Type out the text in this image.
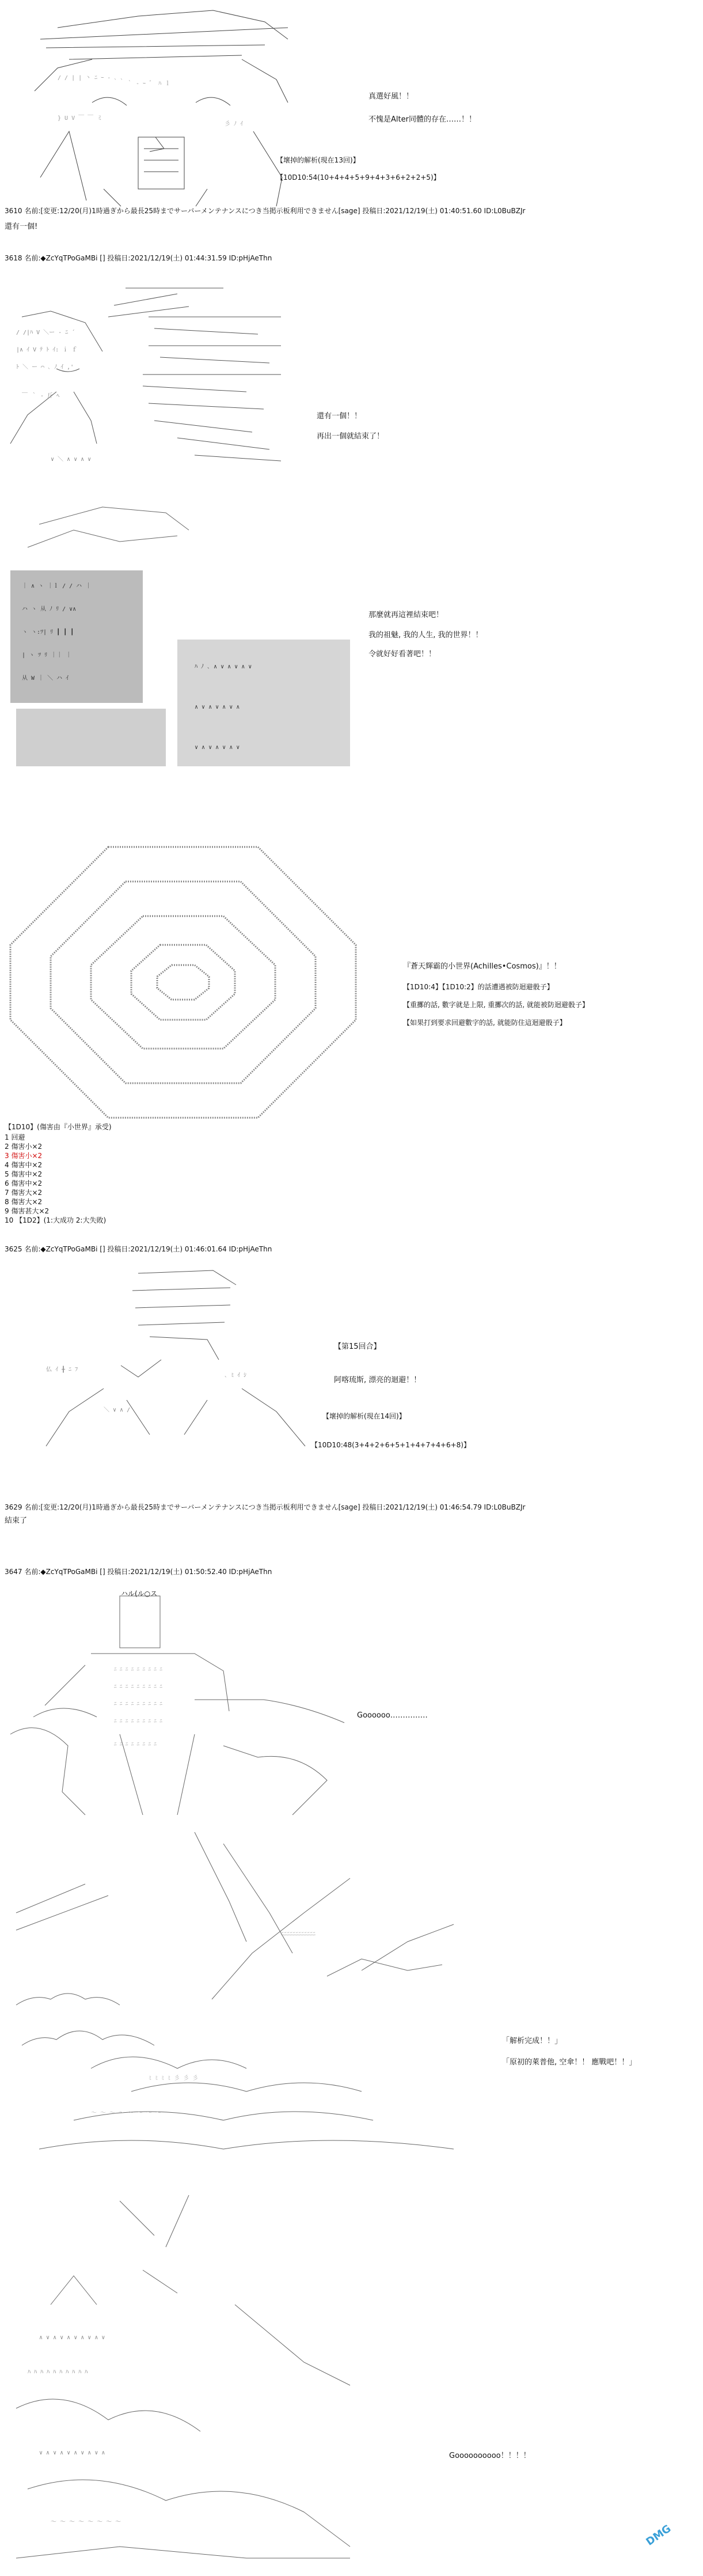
/ / | | 丶 ﾆ ｰ - ､ ､
｀ ‐ ｰ ゛ ﾊ ｌ
} U V ￣ ￣ ミ
彡 ﾉ ｲ
真選好風！！
不愧是Alter同體的存在……！！
【壞掉的解析(現在13回)】
【10D10:54(10+4+4+5+9+4+3+6+2+2+5)】
3610 名前:[変更:12/20(月)1時過ぎから最長25時までサーバーメンテナンスにつき当掲示板利用できません[sage] 投稿日:2021/12/19(土) 01:40:51.60 ID:L0BuBZJr
還有一個!
3618 名前:◆ZcYqTPoGaMBi [] 投稿日:2021/12/19(土) 01:44:31.59 ID:pHjAeThn
/ /|ﾊ V ＼ー ‐ ﾆ ´
|∧ ｲ V ﾃ ﾄ ｲ: ｉ ｆ
ﾄ ＼ ー ⌒ ､ ﾉ ｲ ,'
￣ ｀ ‐ 斤 ﾍ
∨ ＼ ∧ ∨ ∧ ∨
還有一個！！
再出一個就結束了！
｜ ∧ ヽ ｜ｌ / / ハ ｜
ハ ヽ 从 ﾉ ﾘ / ∨∧
ヽ ヽ:ﾂ| ﾘ ┃ ┃ ┃
| ヽ ﾂ ﾘ ｜｜ ｜
从 W ｜ ＼ ハ ｲ
ﾊ ﾉ ､ ∧ ∨ ∧ ∨ ∧ ∨
∧ ∨ ∧ ∨ ∧ ∨ ∧
∨ ∧ ∨ ∧ ∨ ∧ ∨
那麼就再這裡結束吧！
我的祖魅, 我的人生, 我的世界！！
令就好好看著吧！！
『蒼天輝霸的小世界(Achilles•Cosmos)』！！
【1D10:4】【1D10:2】的話遭遇被防迴避骰子】
【重擲的話, 數字就是上限, 重擲次的話, 就能被防迴避骰子】
【如果打到要求回避數字的話, 就能防住這迴避骰子】
【1D10】(傷害由『小世界』承受)
1 回避
2 傷害小×2
3 傷害小×2
4 傷害中×2
5 傷害中×2
6 傷害中×2
7 傷害大×2
8 傷害大×2
9 傷害甚大×2
10 【1D2】(1:大成功 2:大失敗)
3625 名前:◆ZcYqTPoGaMBi [] 投稿日:2021/12/19(土) 01:46:01.64 ID:pHjAeThn
仏 ｲ ╂ ﾆ ﾌ
､ ﾐ ｲ ｼ
＼ ∨ ∧ /
【第15回合】
阿喀琉斯, 漂亮的迴避！！
【壞掉的解析(現在14回)】
【10D10:48(3+4+2+6+5+1+4+7+4+6+8)】
3629 名前:[変更:12/20(月)1時過ぎから最長25時までサーバーメンテナンスにつき当掲示板利用できません[sage] 投稿日:2021/12/19(土) 01:46:54.79 ID:L0BuBZJr
結束了
3647 名前:◆ZcYqTPoGaMBi [] 投稿日:2021/12/19(土) 01:50:52.40 ID:pHjAeThn
ﾆ ﾆ ﾆ ﾆ ﾆ ﾆ ﾆ ﾆ ﾆ
ﾆ ﾆ ﾆ ﾆ ﾆ ﾆ ﾆ ﾆ ﾆ
ﾆ ﾆ ﾆ ﾆ ﾆ ﾆ ﾆ ﾆ ﾆ
ﾆ ﾆ ﾆ ﾆ ﾆ ﾆ ﾆ ﾆ ﾆ
ﾆ ﾆ ﾆ ﾆ ﾆ ﾆ ﾆ ﾆ
ハル(ル○ス
Goooooo……………
ﾆﾆﾆﾆﾆﾆﾆﾆﾆﾆﾆﾆ
ﾐ ﾐ ﾐ ﾐ 彡 彡 彡
～ ～ ～ ～ ～ ～ ～ ～
「解析完成！！」
「原初的萊普他, 空傘！！ 應戰吧！！」
∧ ∨ ∧ ∨ ∧ ∨ ∧ ∨ ∧ ∨
ﾊ ﾊ ﾊ ﾊ ﾊ ﾊ ﾊ ﾊ ﾊ ﾊ
∨ ∧ ∨ ∧ ∨ ∧ ∨ ∧ ∨ ∧
～ ～ ～ ～ ～ ～ ～ ～
Goooooooooo！！！！
DMG
